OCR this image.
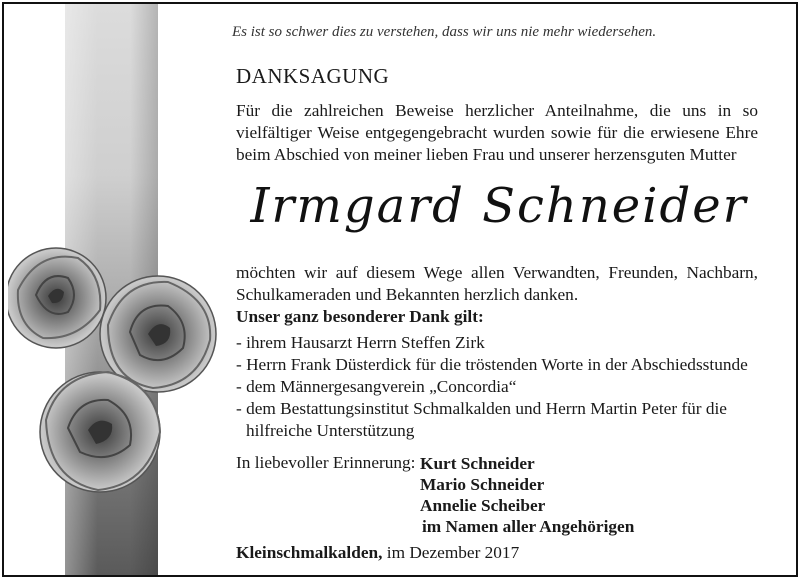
Es ist so schwer dies zu verstehen, dass wir uns nie mehr wiedersehen.
DANKSAGUNG
Für die zahlreichen Beweise herzlicher Anteilnahme, die uns in so vielfältiger Weise entgegengebracht wurden sowie für die erwiesene Ehre beim Abschied von meiner lieben Frau und unserer herzensguten Mutter
Irmgard Schneider
möchten wir auf diesem Wege allen Verwandten, Freunden, Nachbarn, Schulkameraden und Bekannten herzlich danken.
Unser ganz besonderer Dank gilt:
- ihrem Hausarzt Herrn Steffen Zirk
- Herrn Frank Düsterdick für die tröstenden Worte in der Abschiedsstunde
- dem Männergesangverein „Concordia“
- dem Bestattungsinstitut Schmalkalden und Herrn Martin Peter für die
hilfreiche Unterstützung
In liebevoller Erinnerung: Kurt Schneider
Mario Schneider
Annelie Scheiber
im Namen aller Angehörigen
Kleinschmalkalden, im Dezember 2017
